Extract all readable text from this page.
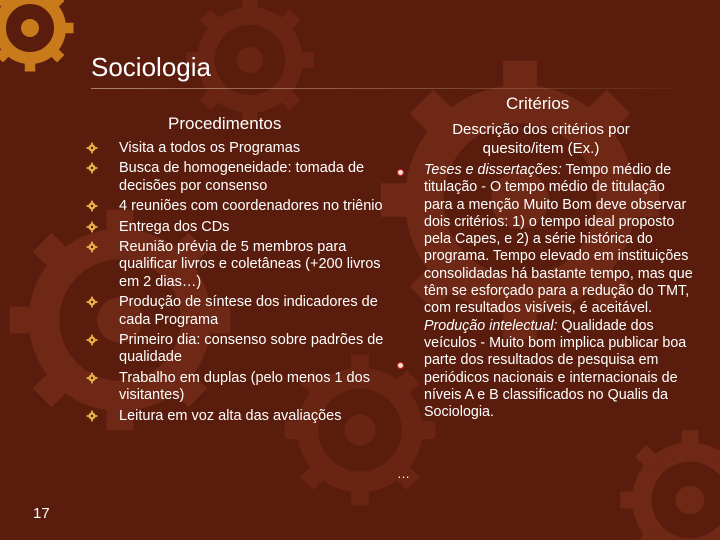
Sociologia
Procedimentos
Visita a todos os Programas
Busca de homogeneidade: tomada de decisões por consenso
4 reuniões com coordenadores no triênio
Entrega dos CDs
Reunião prévia de 5 membros para qualificar livros e coletâneas (+200 livros em 2 dias…)
Produção de síntese dos indicadores de cada Programa
Primeiro dia: consenso sobre padrões de qualidade
Trabalho em duplas (pelo menos 1 dos visitantes)
Leitura em voz alta das avaliações
Critérios
Descrição dos critérios por quesito/item (Ex.)

Teses e dissertações: Tempo médio de titulação - O tempo médio de titulação para a menção Muito Bom deve observar dois critérios: 1) o tempo ideal proposto pela Capes, e 2) a série histórica do programa. Tempo elevado em instituições consolidadas há bastante tempo, mas que têm se esforçado para a redução do TMT, com resultados visíveis, é aceitável.

Produção intelectual: Qualidade dos veículos - Muito bom implica publicar boa parte dos resultados de pesquisa em periódicos nacionais e internacionais de níveis A e B classificados no Qualis da Sociologia.

…
17
